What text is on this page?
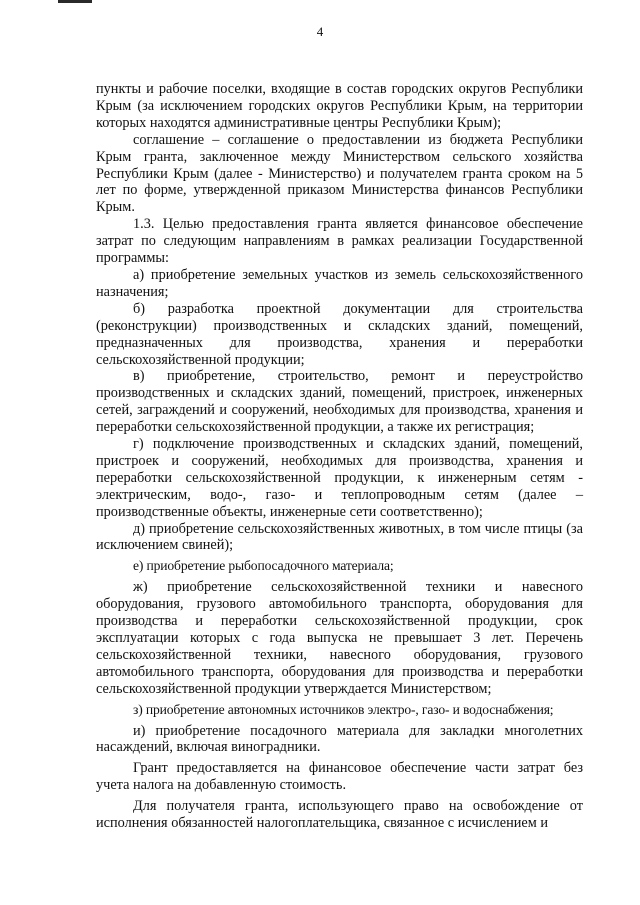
4

пункты и рабочие поселки, входящие в состав городских округов Республики Крым (за исключением городских округов Республики Крым, на территории которых находятся административные центры Республики Крым);

соглашение – соглашение о предоставлении из бюджета Республики Крым гранта, заключенное между Министерством сельского хозяйства Республики Крым (далее - Министерство) и получателем гранта сроком на 5 лет по форме, утвержденной приказом Министерства финансов Республики Крым.

1.3. Целью предоставления гранта является финансовое обеспечение затрат по следующим направлениям в рамках реализации Государственной программы:

а) приобретение земельных участков из земель сельскохозяйственного назначения;

б) разработка проектной документации для строительства (реконструкции) производственных и складских зданий, помещений, предназначенных для производства, хранения и переработки сельскохозяйственной продукции;

в) приобретение, строительство, ремонт и переустройство производственных и складских зданий, помещений, пристроек, инженерных сетей, заграждений и сооружений, необходимых для производства, хранения и переработки сельскохозяйственной продукции, а также их регистрация;

г) подключение производственных и складских зданий, помещений, пристроек и сооружений, необходимых для производства, хранения и переработки сельскохозяйственной продукции, к инженерным сетям - электрическим, водо-, газо- и теплопроводным сетям (далее – производственные объекты, инженерные сети соответственно);

д) приобретение сельскохозяйственных животных, в том числе птицы (за исключением свиней);

е) приобретение рыбопосадочного материала;

ж) приобретение сельскохозяйственной техники и навесного оборудования, грузового автомобильного транспорта, оборудования для производства и переработки сельскохозяйственной продукции, срок эксплуатации которых с года выпуска не превышает 3 лет. Перечень сельскохозяйственной техники, навесного оборудования, грузового автомобильного транспорта, оборудования для производства и переработки сельскохозяйственной продукции утверждается Министерством;

з) приобретение автономных источников электро-, газо- и водоснабжения;

и) приобретение посадочного материала для закладки многолетних насаждений, включая виноградники.

Грант предоставляется на финансовое обеспечение части затрат без учета налога на добавленную стоимость.

Для получателя гранта, использующего право на освобождение от исполнения обязанностей налогоплательщика, связанное с исчислением и
